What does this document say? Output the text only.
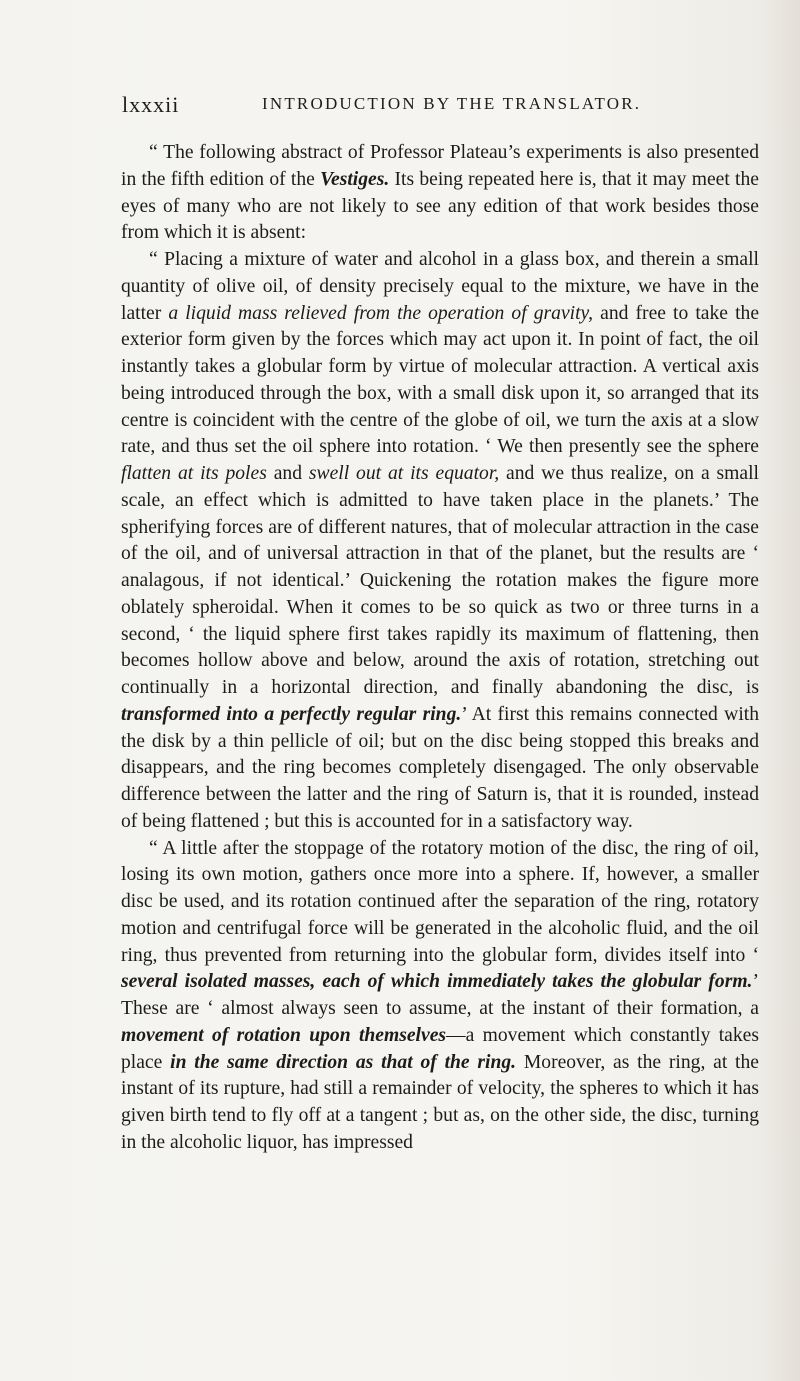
lxxxii	INTRODUCTION BY THE TRANSLATOR.

“ The following abstract of Professor Plateau’s experiments is also presented in the fifth edition of the Vestiges. Its being repeated here is, that it may meet the eyes of many who are not likely to see any edition of that work besides those from which it is absent:

“ Placing a mixture of water and alcohol in a glass box, and therein a small quantity of olive oil, of density precisely equal to the mixture, we have in the latter a liquid mass relieved from the operation of gravity, and free to take the exterior form given by the forces which may act upon it. In point of fact, the oil instantly takes a globular form by virtue of molecular attraction. A vertical axis being introduced through the box, with a small disk upon it, so arranged that its centre is coincident with the centre of the globe of oil, we turn the axis at a slow rate, and thus set the oil sphere into rotation. ‘ We then presently see the sphere flatten at its poles and swell out at its equator, and we thus realize, on a small scale, an effect which is admitted to have taken place in the planets.’ The spherifying forces are of different natures, that of molecular attraction in the case of the oil, and of universal attraction in that of the planet, but the results are ‘ analagous, if not identical.’ Quickening the rotation makes the figure more oblately spheroidal. When it comes to be so quick as two or three turns in a second, ‘ the liquid sphere first takes rapidly its maximum of flattening, then becomes hollow above and below, around the axis of rotation, stretching out continually in a horizontal direction, and finally abandoning the disc, is transformed into a perfectly regular ring.’ At first this remains connected with the disk by a thin pellicle of oil; but on the disc being stopped this breaks and disappears, and the ring becomes completely disengaged. The only observable difference between the latter and the ring of Saturn is, that it is rounded, instead of being flattened ; but this is accounted for in a satisfactory way.

“ A little after the stoppage of the rotatory motion of the disc, the ring of oil, losing its own motion, gathers once more into a sphere. If, however, a smaller disc be used, and its rotation continued after the separation of the ring, rotatory motion and centrifugal force will be generated in the alcoholic fluid, and the oil ring, thus prevented from returning into the globular form, divides itself into ‘ several isolated masses, each of which immediately takes the globular form.’ These are ‘ almost always seen to assume, at the instant of their formation, a movement of rotation upon themselves—a movement which constantly takes place in the same direction as that of the ring. Moreover, as the ring, at the instant of its rupture, had still a remainder of velocity, the spheres to which it has given birth tend to fly off at a tangent ; but as, on the other side, the disc, turning in the alcoholic liquor, has impressed
